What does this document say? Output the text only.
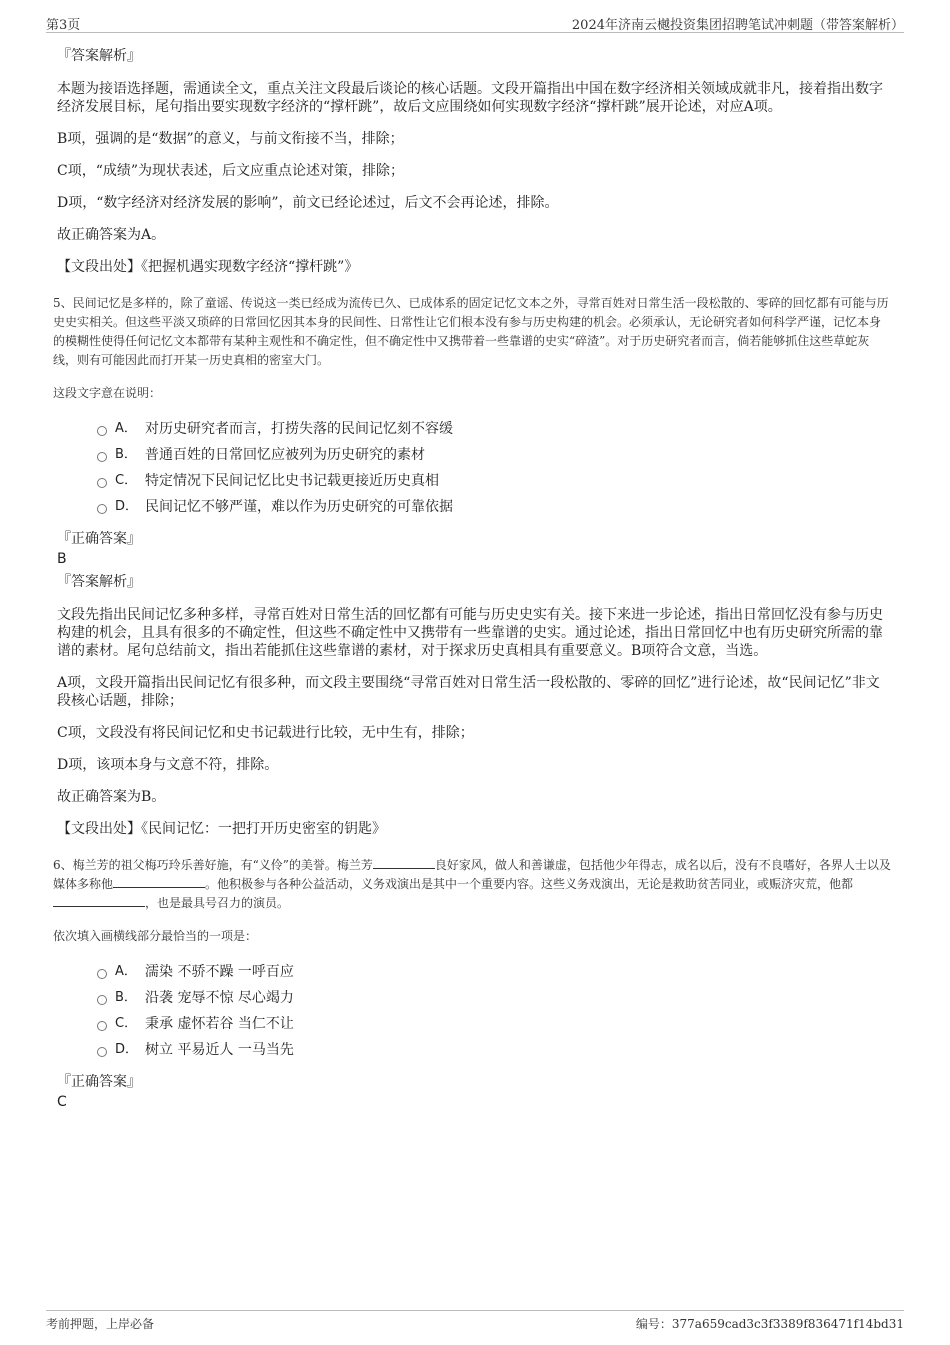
第3页	2024年济南云樾投资集团招聘笔试冲刺题（带答案解析）
『答案解析』

本题为接语选择题，需通读全文，重点关注文段最后谈论的核心话题。文段开篇指出中国在数字经济相关领域成就非凡，接着指出数字经济发展目标，尾句指出要实现数字经济的“撑杆跳”，故后文应围绕如何实现数字经济“撑杆跳”展开论述，对应A项。

B项，强调的是“数据”的意义，与前文衔接不当，排除；

C项，“成绩”为现状表述，后文应重点论述对策，排除；

D项，“数字经济对经济发展的影响”，前文已经论述过，后文不会再论述，排除。

故正确答案为A。

【文段出处】《把握机遇实现数字经济“撑杆跳”》

5、民间记忆是多样的，除了童谣、传说这一类已经成为流传已久、已成体系的固定记忆文本之外，寻常百姓对日常生活一段松散的、零碎的回忆都有可能与历史史实相关。但这些平淡又琐碎的日常回忆因其本身的民间性、日常性让它们根本没有参与历史构建的机会。必须承认，无论研究者如何科学严谨，记忆本身的模糊性使得任何记忆文本都带有某种主观性和不确定性，但不确定性中又携带着一些靠谱的史实“碎渣”。对于历史研究者而言，倘若能够抓住这些草蛇灰线，则有可能因此而打开某一历史真相的密室大门。

这段文字意在说明：

A． 对历史研究者而言，打捞失落的民间记忆刻不容缓
B． 普通百姓的日常回忆应被列为历史研究的素材
C． 特定情况下民间记忆比史书记载更接近历史真相
D． 民间记忆不够严谨，难以作为历史研究的可靠依据
『正确答案』
B
『答案解析』

文段先指出民间记忆多种多样，寻常百姓对日常生活的回忆都有可能与历史史实有关。接下来进一步论述，指出日常回忆没有参与历史构建的机会，且具有很多的不确定性，但这些不确定性中又携带有一些靠谱的史实。通过论述，指出日常回忆中也有历史研究所需的靠谱的素材。尾句总结前文，指出若能抓住这些靠谱的素材，对于探求历史真相具有重要意义。B项符合文意，当选。

A项，文段开篇指出民间记忆有很多种，而文段主要围绕“寻常百姓对日常生活一段松散的、零碎的回忆”进行论述，故“民间记忆”非文段核心话题，排除；

C项，文段没有将民间记忆和史书记载进行比较，无中生有，排除；

D项，该项本身与文意不符，排除。

故正确答案为B。

【文段出处】《民间记忆：一把打开历史密室的钥匙》

6、梅兰芳的祖父梅巧玲乐善好施，有“义伶”的美誉。梅兰芳	良好家风，做人和善谦虚，包括他少年得志，成名以后，没有不良嗜好，各界人士以及媒体多称他	。他积极参与各种公益活动，义务戏演出是其中一个重要内容。这些义务戏演出，无论是救助贫苦同业，或赈济灾荒，他都，也是最具号召力的演员。

依次填入画横线部分最恰当的一项是：

A． 濡染 不骄不躁 一呼百应
B． 沿袭 宠辱不惊 尽心竭力
C． 秉承 虚怀若谷 当仁不让
D． 树立 平易近人 一马当先
『正确答案』
C
考前押题，上岸必备	编号：377a659cad3c3f3389f836471f14bd31
